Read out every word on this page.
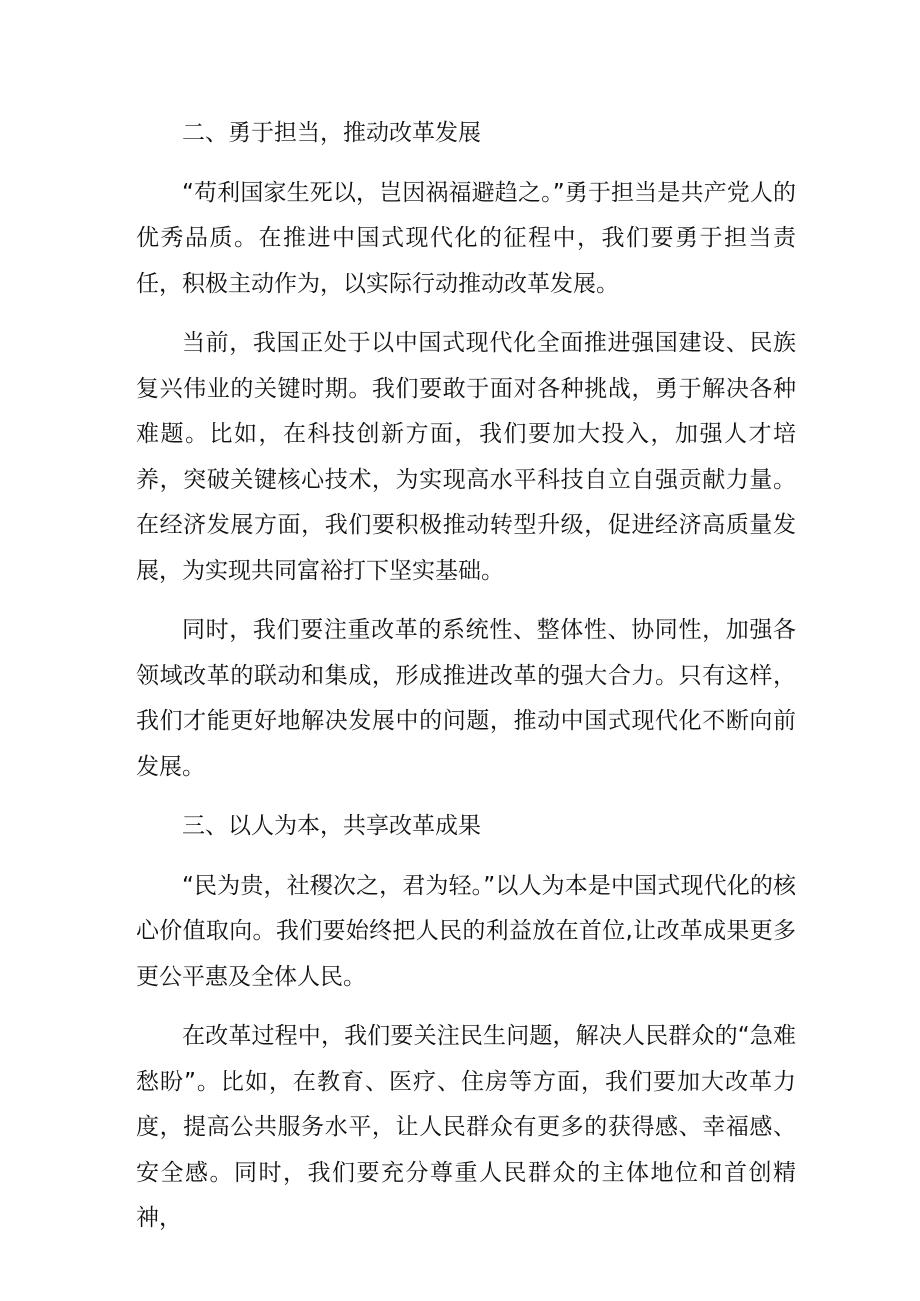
二、勇于担当，推动改革发展

“苟利国家生死以，岂因祸福避趋之。”勇于担当是共产党人的优秀品质。在推进中国式现代化的征程中，我们要勇于担当责任，积极主动作为，以实际行动推动改革发展。

当前，我国正处于以中国式现代化全面推进强国建设、民族复兴伟业的关键时期。我们要敢于面对各种挑战，勇于解决各种难题。比如，在科技创新方面，我们要加大投入，加强人才培养，突破关键核心技术，为实现高水平科技自立自强贡献力量。在经济发展方面，我们要积极推动转型升级，促进经济高质量发展，为实现共同富裕打下坚实基础。

同时，我们要注重改革的系统性、整体性、协同性，加强各领域改革的联动和集成，形成推进改革的强大合力。只有这样，我们才能更好地解决发展中的问题，推动中国式现代化不断向前发展。

三、以人为本，共享改革成果

“民为贵，社稷次之，君为轻。”以人为本是中国式现代化的核心价值取向。我们要始终把人民的利益放在首位,让改革成果更多更公平惠及全体人民。

在改革过程中，我们要关注民生问题，解决人民群众的“急难愁盼”。比如，在教育、医疗、住房等方面，我们要加大改革力度，提高公共服务水平，让人民群众有更多的获得感、幸福感、安全感。同时，我们要充分尊重人民群众的主体地位和首创精神，
